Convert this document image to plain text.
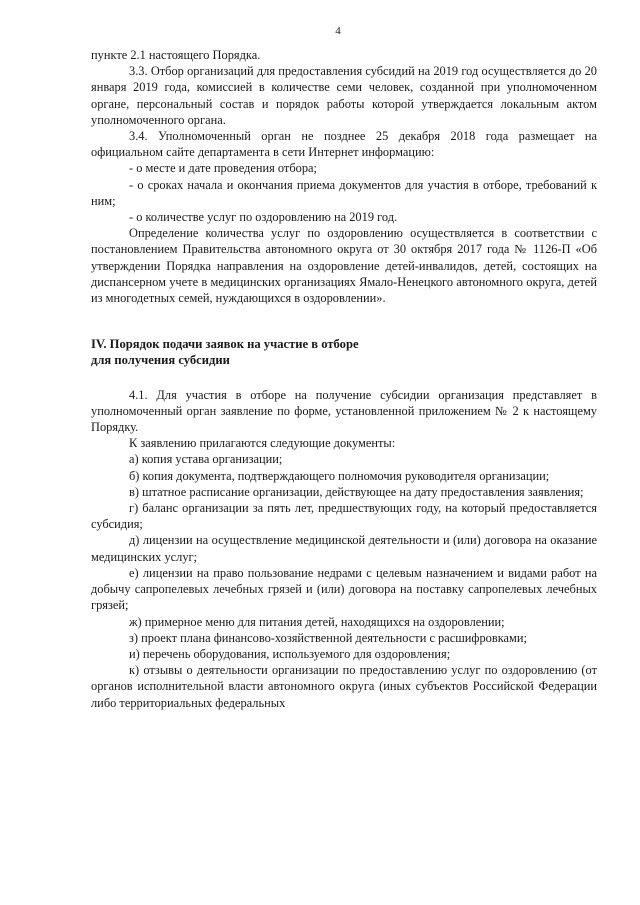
4

пункте 2.1 настоящего Порядка.

3.3. Отбор организаций для предоставления субсидий на 2019 год осуществляется до 20 января 2019 года, комиссией в количестве семи человек, созданной при уполномоченном органе, персональный состав и порядок работы которой утверждается локальным актом уполномоченного органа.

3.4. Уполномоченный орган не позднее 25 декабря 2018 года размещает на официальном сайте департамента в сети Интернет информацию:

- о месте и дате проведения отбора;

- о сроках начала и окончания приема документов для участия в отборе, требований к ним;

- о количестве услуг по оздоровлению на 2019 год.

Определение количества услуг по оздоровлению осуществляется в соответствии с постановлением Правительства автономного округа от 30 октября 2017 года № 1126-П «Об утверждении Порядка направления на оздоровление детей-инвалидов, детей, состоящих на диспансерном учете в медицинских организациях Ямало-Ненецкого автономного округа, детей из многодетных семей, нуждающихся в оздоровлении».

IV. Порядок подачи заявок на участие в отборе

для получения субсидии

4.1. Для участия в отборе на получение субсидии организация представляет в уполномоченный орган заявление по форме, установленной приложением № 2 к настоящему Порядку.

К заявлению прилагаются следующие документы:

а) копия устава организации;

б) копия документа, подтверждающего полномочия руководителя организации;

в) штатное расписание организации, действующее на дату предоставления заявления;

г) баланс организации за пять лет, предшествующих году, на который предоставляется субсидия;

д) лицензии на осуществление медицинской деятельности и (или) договора на оказание медицинских услуг;

е) лицензии на право пользование недрами с целевым назначением и видами работ на добычу сапропелевых лечебных грязей и (или) договора на поставку сапропелевых лечебных грязей;

ж) примерное меню для питания детей, находящихся на оздоровлении;

з) проект плана финансово-хозяйственной деятельности с расшифровками;

и) перечень оборудования, используемого для оздоровления;

к) отзывы о деятельности организации по предоставлению услуг по оздоровлению (от органов исполнительной власти автономного округа (иных субъектов Российской Федерации либо территориальных федеральных
